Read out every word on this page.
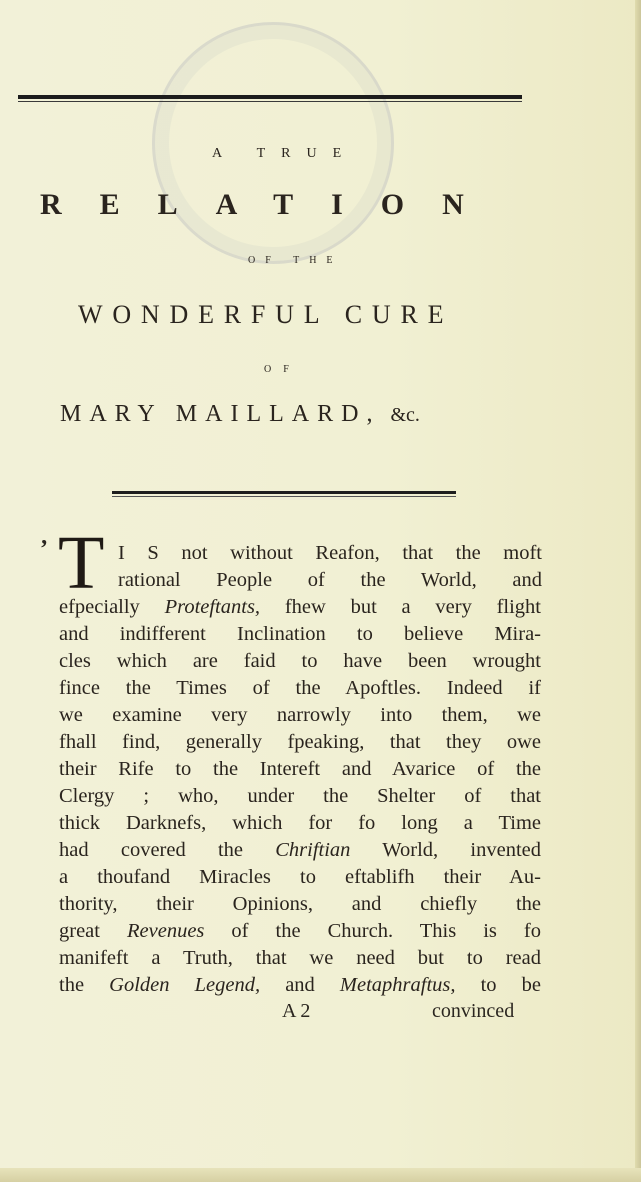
A TRUE
RELATION
OF THE
WONDERFUL CURE
OF
MARY MAILLARD, &c.
’ T I S not without Reafon, that the moft
rational People of the World, and
efpecially Proteftants, fhew but a very flight
and indifferent Inclination to believe Mira-
cles which are faid to have been wrought
fince the Times of the Apoftles. Indeed if
we examine very narrowly into them, we
fhall find, generally fpeaking, that they owe
their Rife to the Intereft and Avarice of the
Clergy ; who, under the Shelter of that
thick Darknefs, which for fo long a Time
had covered the Chriftian World, invented
a thoufand Miracles to eftablifh their Au-
thority, their Opinions, and chiefly the
great Revenues of the Church. This is fo
manifeft a Truth, that we need but to read
the Golden Legend, and Metaphraftus, to be
A 2	convinced
